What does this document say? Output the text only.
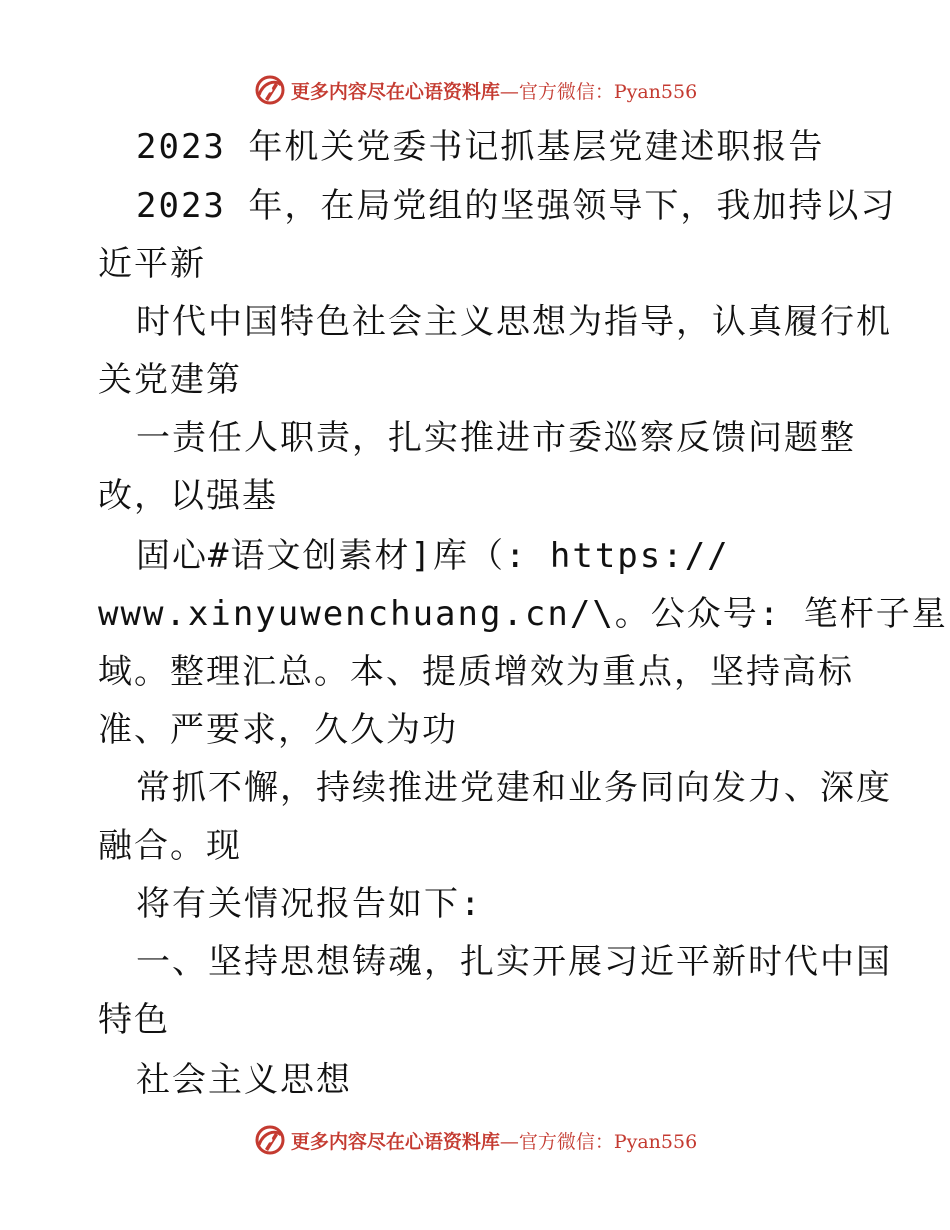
更多内容尽在心语资料库—官方微信：Pyan556
2023 年机关党委书记抓基层党建述职报告
2023 年，在局党组的坚强领导下，我加持以习
近平新
时代中国特色社会主义思想为指导，认真履行机
关党建第
一责任人职责，扎实推进市委巡察反馈问题整
改，以强基
固心#语文创素材]库（: https://
www.xinyuwenchuang.cn/\。公众号: 笔杆子星
域。整理汇总。本、提质增效为重点，坚持高标
准、严要求，久久为功
常抓不懈，持续推进党建和业务同向发力、深度
融合。现
将有关情况报告如下:
一、坚持思想铸魂，扎实开展习近平新时代中国
特色
社会主义思想
更多内容尽在心语资料库—官方微信：Pyan556
